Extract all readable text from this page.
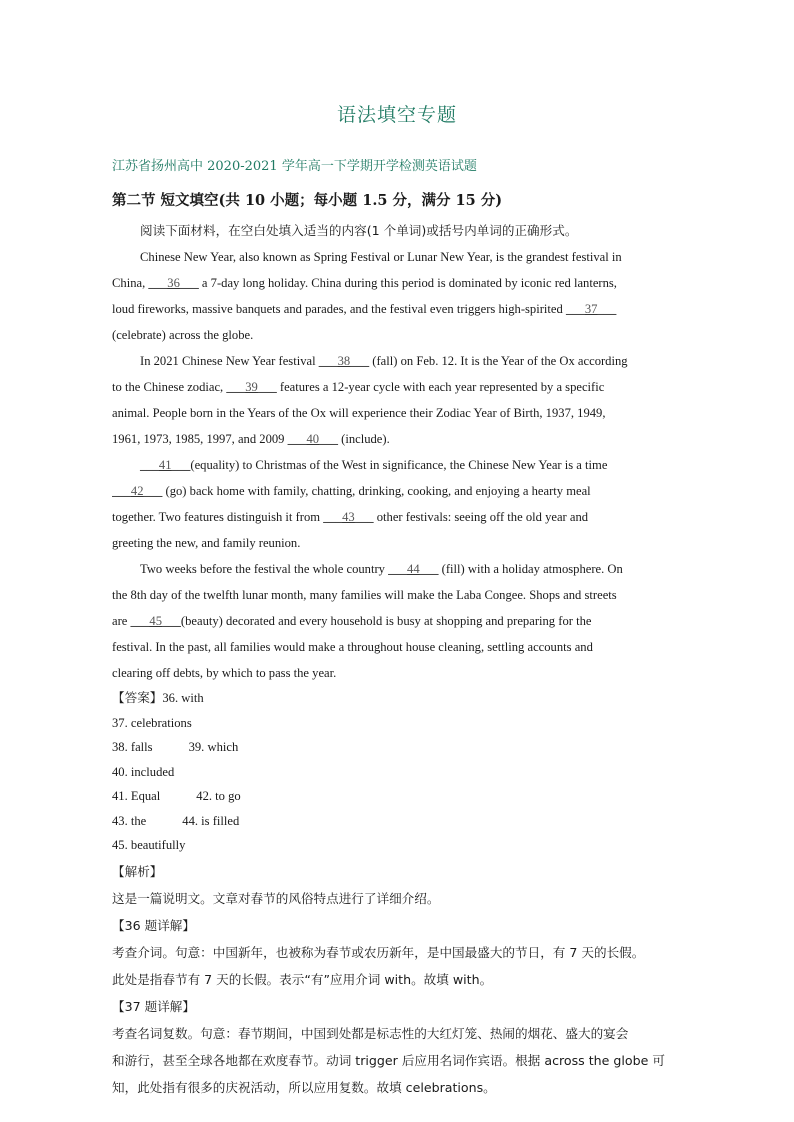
语法填空专题
江苏省扬州高中 2020-2021 学年高一下学期开学检测英语试题
第二节 短文填空(共 10 小题；每小题 1.5 分，满分 15 分)
阅读下面材料，在空白处填入适当的内容(1 个单词)或括号内单词的正确形式。
Chinese New Year, also known as Spring Festival or Lunar New Year, is the grandest festival in
China, ___36___ a 7-day long holiday. China during this period is dominated by iconic red lanterns,
loud fireworks, massive banquets and parades, and the festival even triggers high-spirited ___37___
(celebrate) across the globe.
In 2021 Chinese New Year festival ___38___ (fall) on Feb. 12. It is the Year of the Ox according
to the Chinese zodiac, ___39___ features a 12-year cycle with each year represented by a specific
animal. People born in the Years of the Ox will experience their Zodiac Year of Birth, 1937, 1949,
1961, 1973, 1985, 1997, and 2009 ___40___ (include).
___41___(equality) to Christmas of the West in significance, the Chinese New Year is a time
___42___ (go) back home with family, chatting, drinking, cooking, and enjoying a hearty meal
together. Two features distinguish it from ___43___ other festivals: seeing off the old year and
greeting the new, and family reunion.
Two weeks before the festival the whole country ___44___ (fill) with a holiday atmosphere. On
the 8th day of the twelfth lunar month, many families will make the Laba Congee. Shops and streets
are ___45___(beauty) decorated and every household is busy at shopping and preparing for the
festival. In the past, all families would make a throughout house cleaning, settling accounts and
clearing off debts, by which to pass the year.
【答案】36. with
37. celebrations
38. falls	39. which
40. included
41. Equal	42. to go
43. the	44. is filled
45. beautifully
【解析】
这是一篇说明文。文章对春节的风俗特点进行了详细介绍。
【36 题详解】
考查介词。句意：中国新年，也被称为春节或农历新年，是中国最盛大的节日，有 7 天的长假。
此处是指春节有 7 天的长假。表示“有”应用介词 with。故填 with。
【37 题详解】
考查名词复数。句意：春节期间，中国到处都是标志性的大红灯笼、热闹的烟花、盛大的宴会
和游行，甚至全球各地都在欢度春节。动词 trigger 后应用名词作宾语。根据 across the globe 可
知，此处指有很多的庆祝活动，所以应用复数。故填 celebrations。
